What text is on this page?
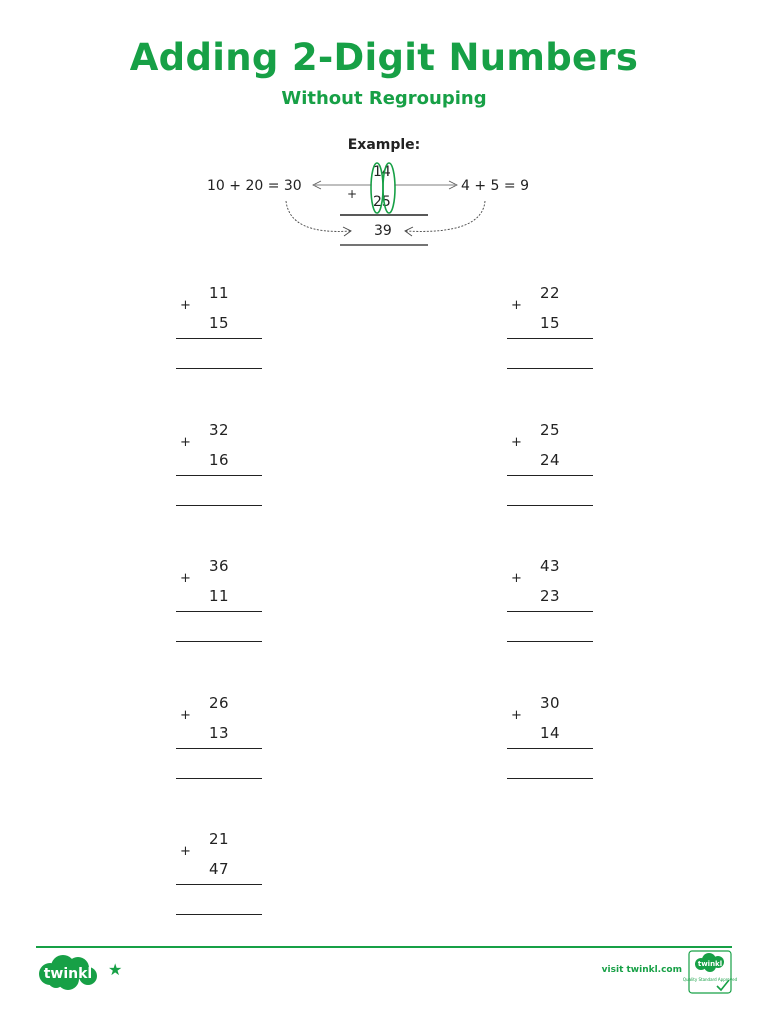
Adding 2-Digit Numbers
Without Regrouping
Example:
10 + 20 = 30	4 + 5 = 9
14
25
+
39
+
11
15
+
22
15
+
32
16
+
25
24
+
36
11
+
43
23
+
26
13
+
30
14
+
21
47
twinkl ★	visit twinkl.com
twinkl
Quality Standard Approved
